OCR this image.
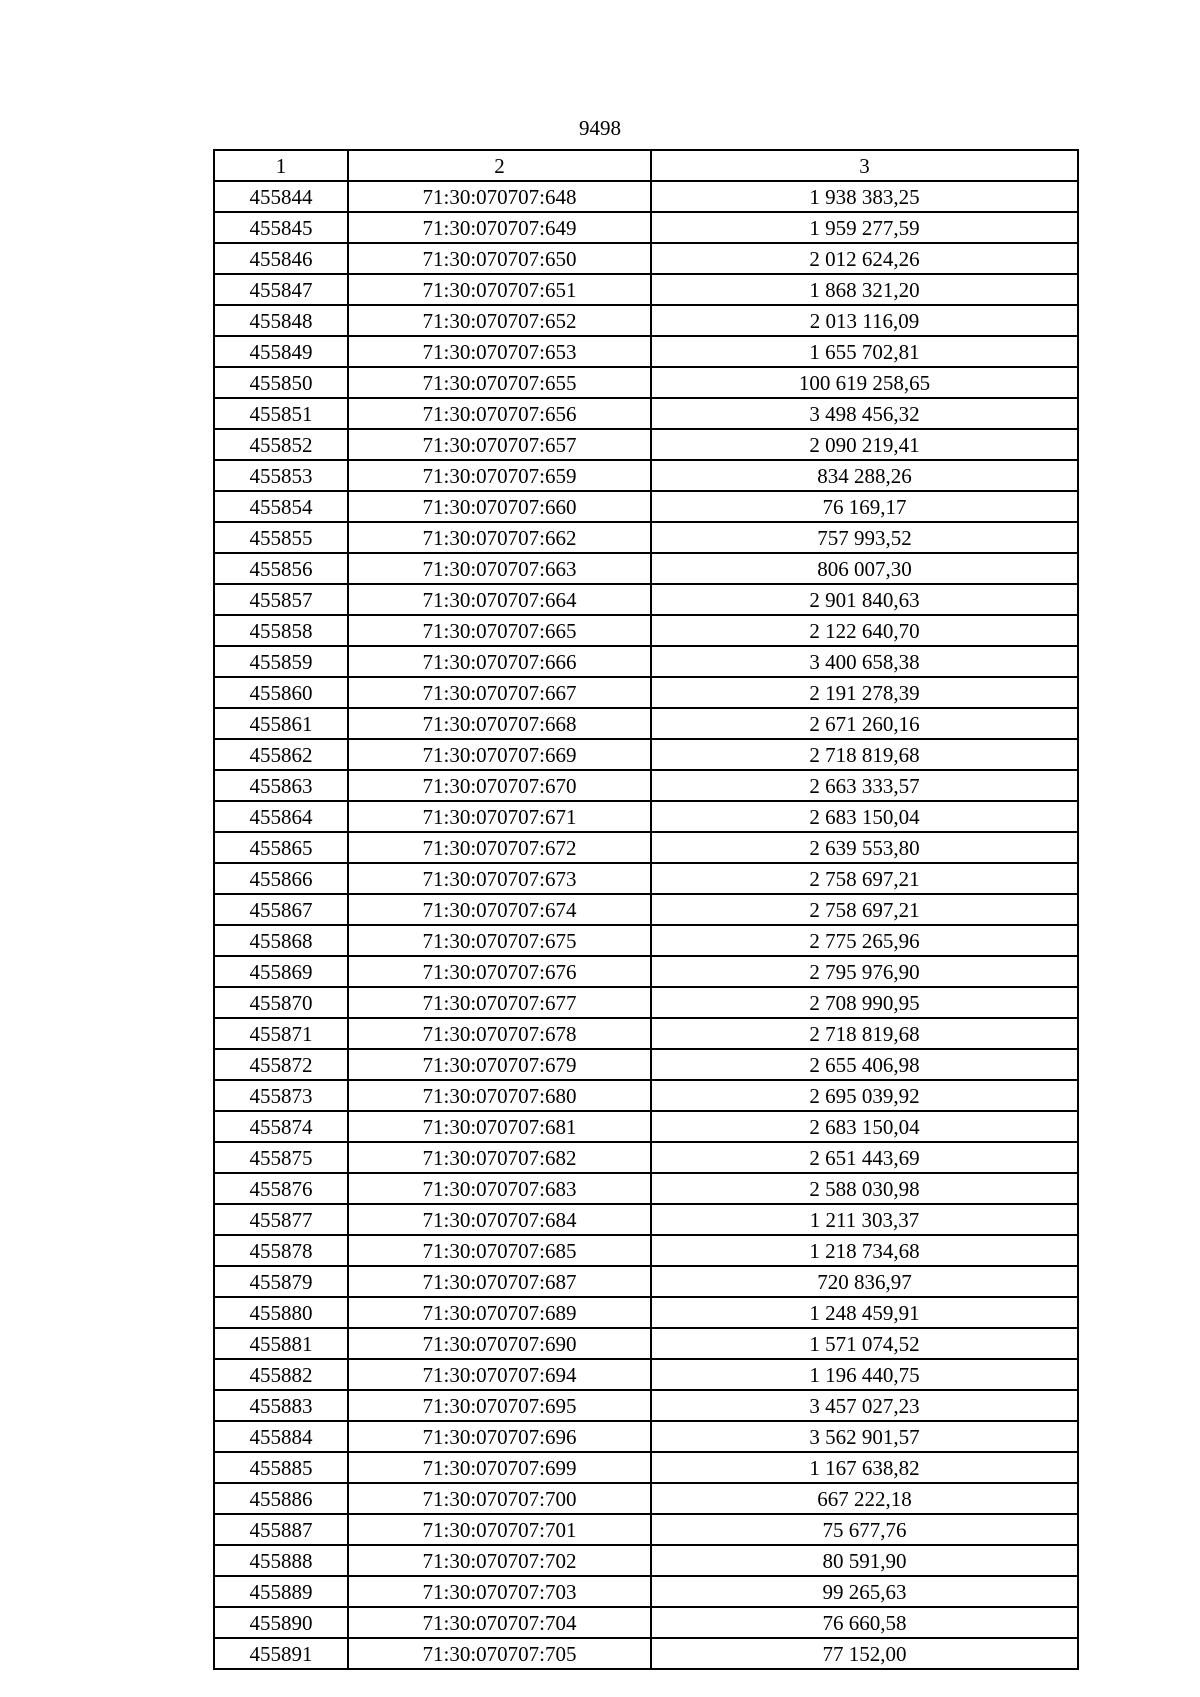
9498
1	2	3
455844	71:30:070707:648	1 938 383,25
455845	71:30:070707:649	1 959 277,59
455846	71:30:070707:650	2 012 624,26
455847	71:30:070707:651	1 868 321,20
455848	71:30:070707:652	2 013 116,09
455849	71:30:070707:653	1 655 702,81
455850	71:30:070707:655	100 619 258,65
455851	71:30:070707:656	3 498 456,32
455852	71:30:070707:657	2 090 219,41
455853	71:30:070707:659	834 288,26
455854	71:30:070707:660	76 169,17
455855	71:30:070707:662	757 993,52
455856	71:30:070707:663	806 007,30
455857	71:30:070707:664	2 901 840,63
455858	71:30:070707:665	2 122 640,70
455859	71:30:070707:666	3 400 658,38
455860	71:30:070707:667	2 191 278,39
455861	71:30:070707:668	2 671 260,16
455862	71:30:070707:669	2 718 819,68
455863	71:30:070707:670	2 663 333,57
455864	71:30:070707:671	2 683 150,04
455865	71:30:070707:672	2 639 553,80
455866	71:30:070707:673	2 758 697,21
455867	71:30:070707:674	2 758 697,21
455868	71:30:070707:675	2 775 265,96
455869	71:30:070707:676	2 795 976,90
455870	71:30:070707:677	2 708 990,95
455871	71:30:070707:678	2 718 819,68
455872	71:30:070707:679	2 655 406,98
455873	71:30:070707:680	2 695 039,92
455874	71:30:070707:681	2 683 150,04
455875	71:30:070707:682	2 651 443,69
455876	71:30:070707:683	2 588 030,98
455877	71:30:070707:684	1 211 303,37
455878	71:30:070707:685	1 218 734,68
455879	71:30:070707:687	720 836,97
455880	71:30:070707:689	1 248 459,91
455881	71:30:070707:690	1 571 074,52
455882	71:30:070707:694	1 196 440,75
455883	71:30:070707:695	3 457 027,23
455884	71:30:070707:696	3 562 901,57
455885	71:30:070707:699	1 167 638,82
455886	71:30:070707:700	667 222,18
455887	71:30:070707:701	75 677,76
455888	71:30:070707:702	80 591,90
455889	71:30:070707:703	99 265,63
455890	71:30:070707:704	76 660,58
455891	71:30:070707:705	77 152,00
